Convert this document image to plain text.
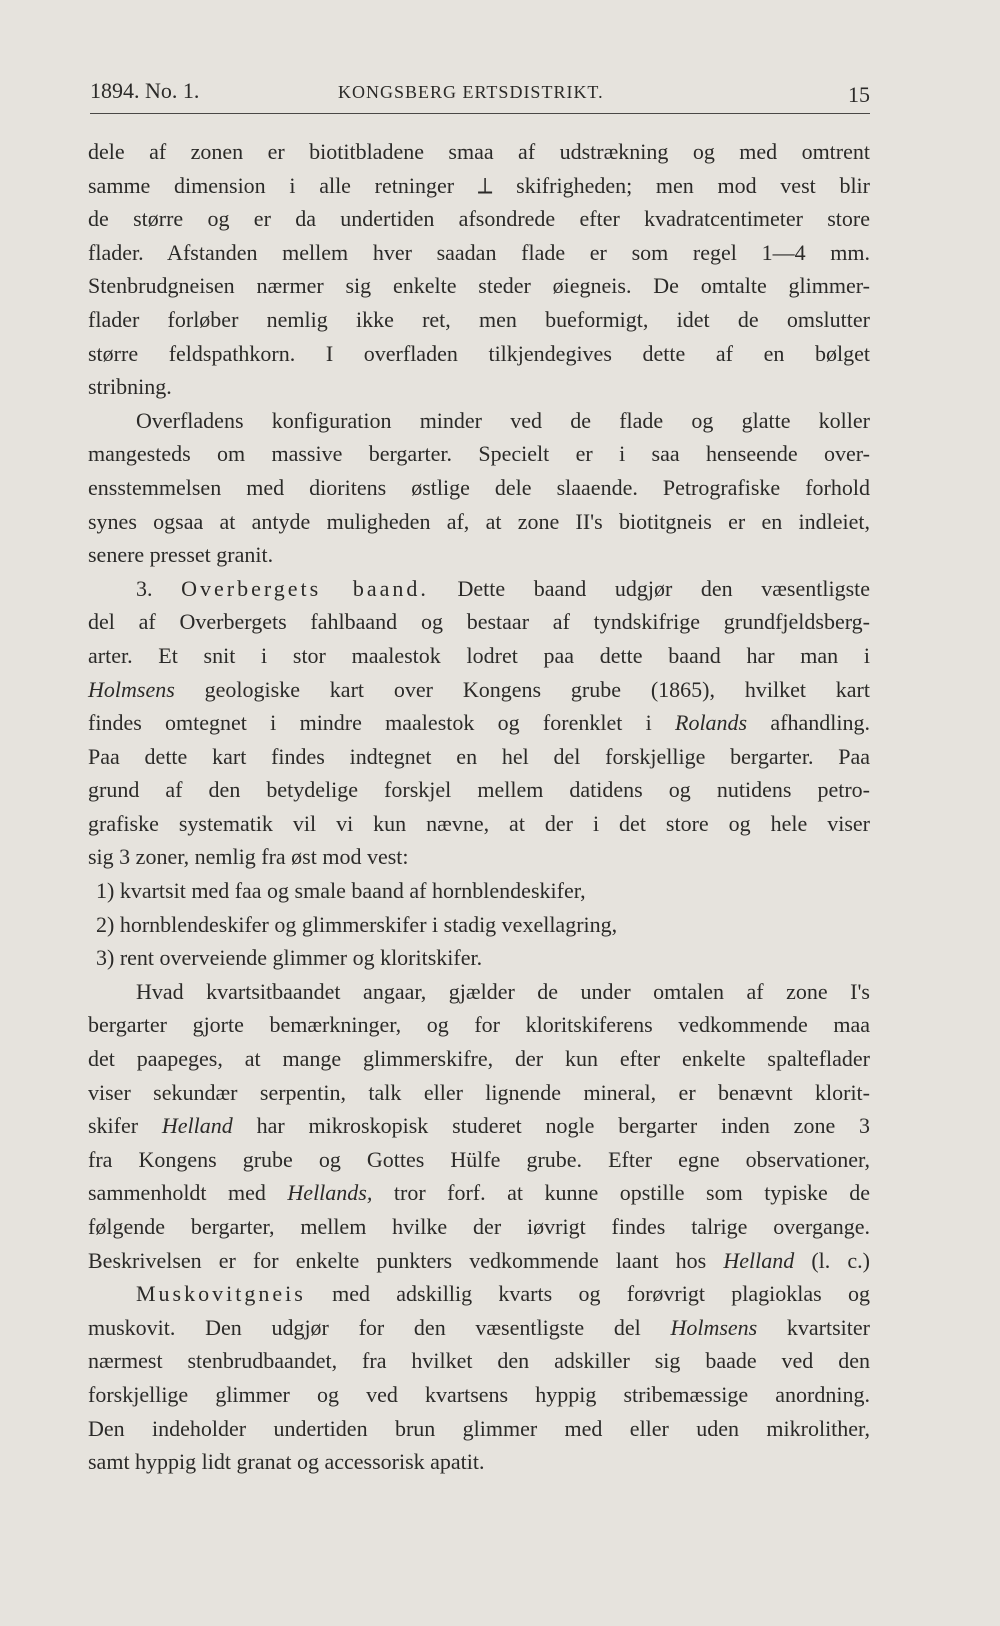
1894. No. 1.	KONGSBERG ERTSDISTRIKT.	15
dele af zonen er biotitbladene smaa af udstrækning og med omtrent
samme dimension i alle retninger ⟂ skifrigheden; men mod vest blir
de større og er da undertiden afsondrede efter kvadratcentimeter store
flader. Afstanden mellem hver saadan flade er som regel 1—4 mm.
Stenbrudgneisen nærmer sig enkelte steder øiegneis. De omtalte glimmer-
flader forløber nemlig ikke ret, men bueformigt, idet de omslutter
større feldspathkorn. I overfladen tilkjendegives dette af en bølget
stribning.
Overfladens konfiguration minder ved de flade og glatte koller
mangesteds om massive bergarter. Specielt er i saa henseende over-
ensstemmelsen med dioritens østlige dele slaaende. Petrografiske forhold
synes ogsaa at antyde muligheden af, at zone II's biotitgneis er en indleiet,
senere presset granit.
3. Overbergets baand. Dette baand udgjør den væsentligste
del af Overbergets fahlbaand og bestaar af tyndskifrige grundfjeldsberg-
arter. Et snit i stor maalestok lodret paa dette baand har man i
Holmsens geologiske kart over Kongens grube (1865), hvilket kart
findes omtegnet i mindre maalestok og forenklet i Rolands afhandling.
Paa dette kart findes indtegnet en hel del forskjellige bergarter. Paa
grund af den betydelige forskjel mellem datidens og nutidens petro-
grafiske systematik vil vi kun nævne, at der i det store og hele viser
sig 3 zoner, nemlig fra øst mod vest:
1) kvartsit med faa og smale baand af hornblendeskifer,
2) hornblendeskifer og glimmerskifer i stadig vexellagring,
3) rent overveiende glimmer og kloritskifer.
Hvad kvartsitbaandet angaar, gjælder de under omtalen af zone I's
bergarter gjorte bemærkninger, og for kloritskiferens vedkommende maa
det paapeges, at mange glimmerskifre, der kun efter enkelte spalteflader
viser sekundær serpentin, talk eller lignende mineral, er benævnt klorit-
skifer Helland har mikroskopisk studeret nogle bergarter inden zone 3
fra Kongens grube og Gottes Hülfe grube. Efter egne observationer,
sammenholdt med Hellands, tror forf. at kunne opstille som typiske de
følgende bergarter, mellem hvilke der iøvrigt findes talrige overgange.
Beskrivelsen er for enkelte punkters vedkommende laant hos Helland (l. c.)
Muskovitgneis med adskillig kvarts og forøvrigt plagioklas og
muskovit. Den udgjør for den væsentligste del Holmsens kvartsiter
nærmest stenbrudbaandet, fra hvilket den adskiller sig baade ved den
forskjellige glimmer og ved kvartsens hyppig stribemæssige anordning.
Den indeholder undertiden brun glimmer med eller uden mikrolither,
samt hyppig lidt granat og accessorisk apatit.
